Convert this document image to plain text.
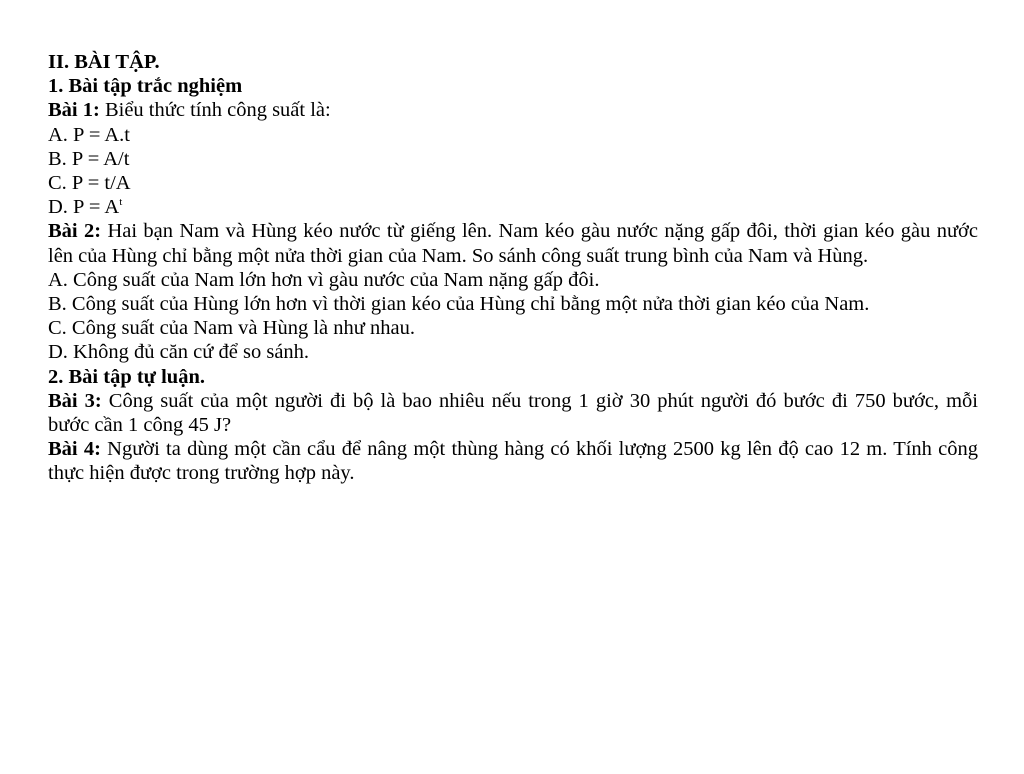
II. BÀI TẬP.
1. Bài tập trắc nghiệm
Bài 1: Biểu thức tính công suất là:
A. P = A.t
B. P = A/t
C. P = t/A
D. $P = A^t$
Bài 2: Hai bạn Nam và Hùng kéo nước từ giếng lên. Nam kéo gàu nước nặng gấp đôi, thời gian kéo gàu nước lên của Hùng chỉ bằng một nửa thời gian của Nam. So sánh công suất trung bình của Nam và Hùng.
A. Công suất của Nam lớn hơn vì gàu nước của Nam nặng gấp đôi.
B. Công suất của Hùng lớn hơn vì thời gian kéo của Hùng chỉ bằng một nửa thời gian kéo của Nam.
C. Công suất của Nam và Hùng là như nhau.
D. Không đủ căn cứ để so sánh.
2. Bài tập tự luận.
Bài 3: Công suất của một người đi bộ là bao nhiêu nếu trong 1 giờ 30 phút người đó bước đi 750 bước, mỗi bước cần 1 công 45 J?
Bài 4: Người ta dùng một cần cẩu để nâng một thùng hàng có khối lượng 2500 kg lên độ cao 12 m. Tính công thực hiện được trong trường hợp này.
